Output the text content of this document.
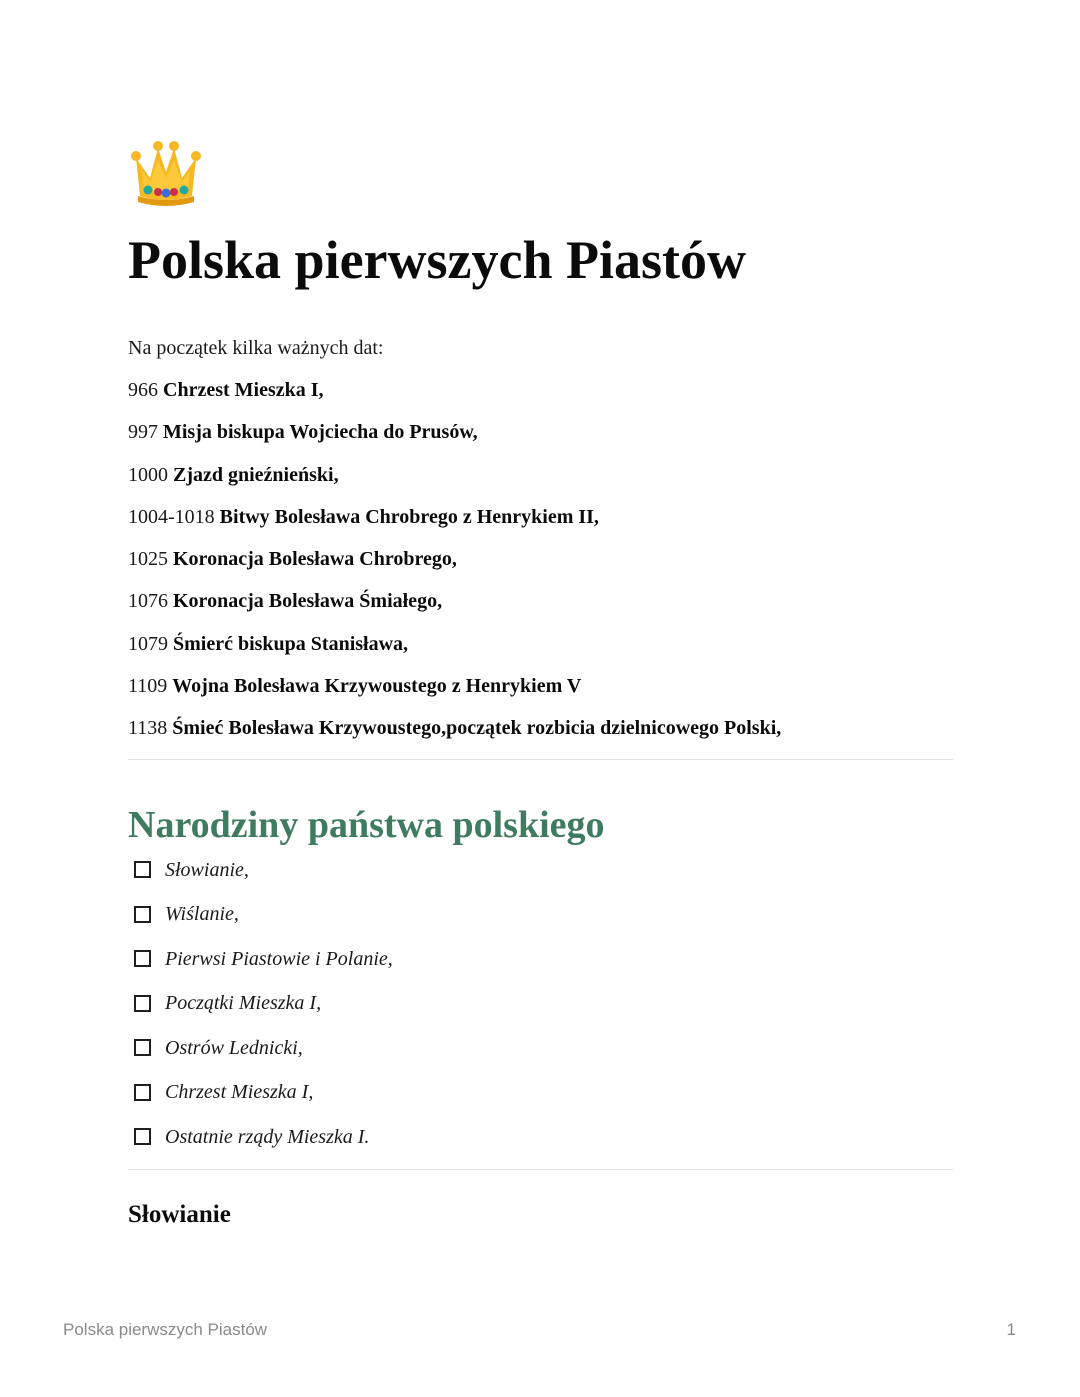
Polska pierwszych Piastów
Na początek kilka ważnych dat:
966 Chrzest Mieszka I,
997 Misja biskupa Wojciecha do Prusów,
1000 Zjazd gnieźnieński,
1004-1018 Bitwy Bolesława Chrobrego z Henrykiem II,
1025 Koronacja Bolesława Chrobrego,
1076 Koronacja Bolesława Śmiałego,
1079 Śmierć biskupa Stanisława,
1109 Wojna Bolesława Krzywoustego z Henrykiem V
1138 Śmieć Bolesława Krzywoustego,początek rozbicia dzielnicowego Polski,
Narodziny państwa polskiego
Słowianie,
Wiślanie,
Pierwsi Piastowie i Polanie,
Początki Mieszka I,
Ostrów Lednicki,
Chrzest Mieszka I,
Ostatnie rządy Mieszka I.
Słowianie
Polska pierwszych Piastów	1
